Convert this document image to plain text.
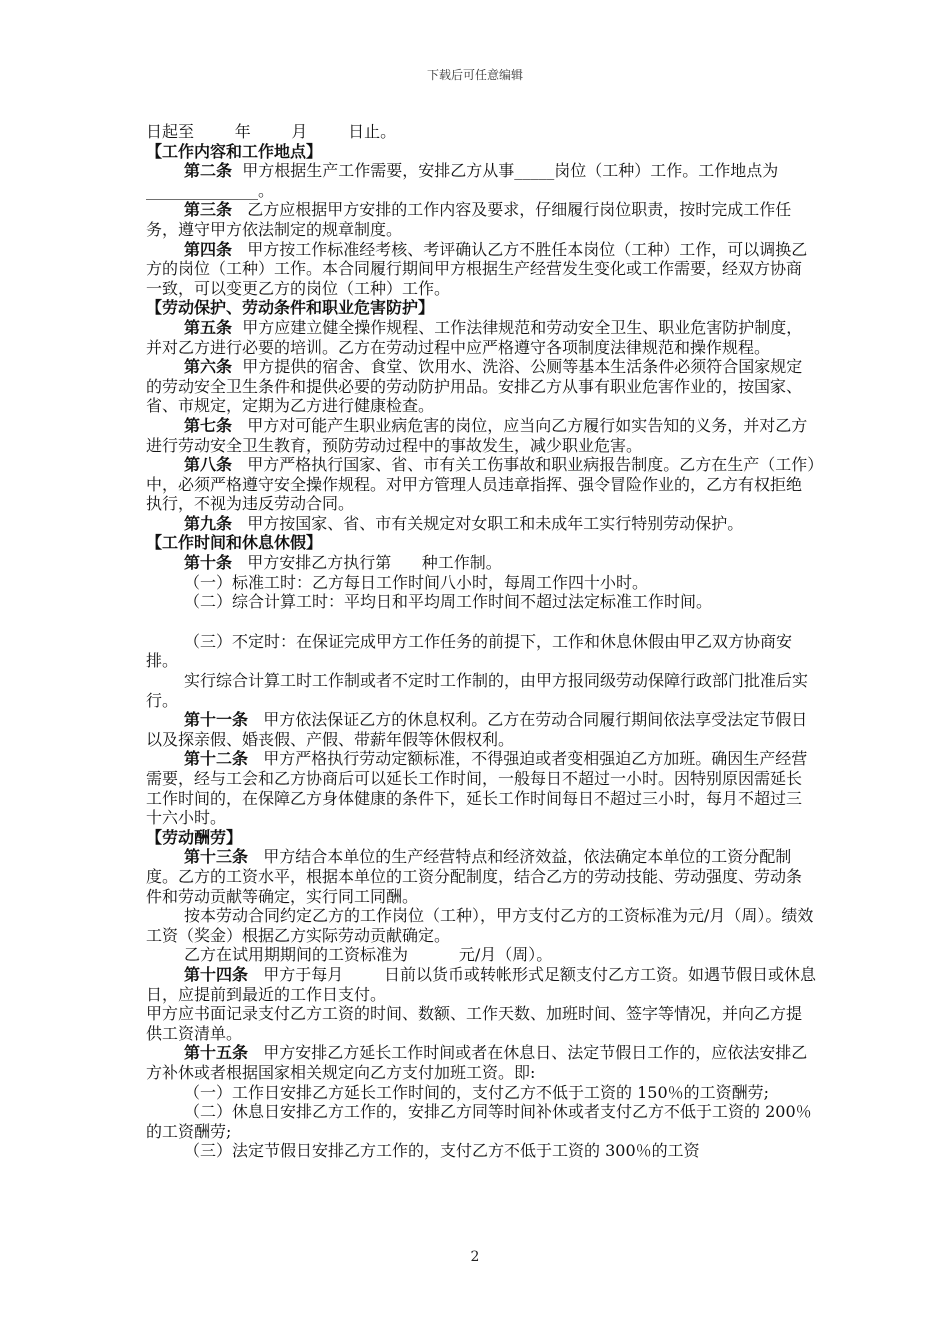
下载后可任意编辑

日起至        年        月        日止。

【工作内容和工作地点】

第二条  甲方根据生产工作需要，安排乙方从事_____岗位（工种）工作。工作地点为______________。

第三条   乙方应根据甲方安排的工作内容及要求，仔细履行岗位职责，按时完成工作任务，遵守甲方依法制定的规章制度。

第四条   甲方按工作标准经考核、考评确认乙方不胜任本岗位（工种）工作，可以调换乙方的岗位（工种）工作。本合同履行期间甲方根据生产经营发生变化或工作需要，经双方协商一致，可以变更乙方的岗位（工种）工作。

【劳动保护、劳动条件和职业危害防护】

第五条  甲方应建立健全操作规程、工作法律规范和劳动安全卫生、职业危害防护制度，并对乙方进行必要的培训。乙方在劳动过程中应严格遵守各项制度法律规范和操作规程。

第六条  甲方提供的宿舍、食堂、饮用水、洗浴、公厕等基本生活条件必须符合国家规定的劳动安全卫生条件和提供必要的劳动防护用品。安排乙方从事有职业危害作业的，按国家、省、市规定，定期为乙方进行健康检查。

第七条   甲方对可能产生职业病危害的岗位，应当向乙方履行如实告知的义务，并对乙方进行劳动安全卫生教育，预防劳动过程中的事故发生，减少职业危害。

第八条   甲方严格执行国家、省、市有关工伤事故和职业病报告制度。乙方在生产（工作）中，必须严格遵守安全操作规程。对甲方管理人员违章指挥、强令冒险作业的，乙方有权拒绝执行，不视为违反劳动合同。

第九条   甲方按国家、省、市有关规定对女职工和未成年工实行特别劳动保护。

【工作时间和休息休假】

第十条   甲方安排乙方执行第      种工作制。

（一）标准工时：乙方每日工作时间八小时，每周工作四十小时。

（二）综合计算工时：平均日和平均周工作时间不超过法定标准工作时间。

（三）不定时：在保证完成甲方工作任务的前提下，工作和休息休假由甲乙双方协商安排。

实行综合计算工时工作制或者不定时工作制的，由甲方报同级劳动保障行政部门批准后实行。

第十一条   甲方依法保证乙方的休息权利。乙方在劳动合同履行期间依法享受法定节假日以及探亲假、婚丧假、产假、带薪年假等休假权利。

第十二条   甲方严格执行劳动定额标准，不得强迫或者变相强迫乙方加班。确因生产经营需要，经与工会和乙方协商后可以延长工作时间，一般每日不超过一小时。因特别原因需延长工作时间的，在保障乙方身体健康的条件下，延长工作时间每日不超过三小时，每月不超过三十六小时。

【劳动酬劳】

第十三条   甲方结合本单位的生产经营特点和经济效益，依法确定本单位的工资分配制度。乙方的工资水平，根据本单位的工资分配制度，结合乙方的劳动技能、劳动强度、劳动条件和劳动贡献等确定，实行同工同酬。

按本劳动合同约定乙方的工作岗位（工种），甲方支付乙方的工资标准为元/月（周）。绩效工资（奖金）根据乙方实际劳动贡献确定。

乙方在试用期期间的工资标准为          元/月（周）。

第十四条   甲方于每月        日前以货币或转帐形式足额支付乙方工资。如遇节假日或休息日，应提前到最近的工作日支付。

甲方应书面记录支付乙方工资的时间、数额、工作天数、加班时间、签字等情况，并向乙方提供工资清单。

第十五条   甲方安排乙方延长工作时间或者在休息日、法定节假日工作的，应依法安排乙方补休或者根据国家相关规定向乙方支付加班工资。即:

（一）工作日安排乙方延长工作时间的，支付乙方不低于工资的 150％的工资酬劳;

（二）休息日安排乙方工作的，安排乙方同等时间补休或者支付乙方不低于工资的 200％的工资酬劳;

（三）法定节假日安排乙方工作的，支付乙方不低于工资的 300％的工资

2
